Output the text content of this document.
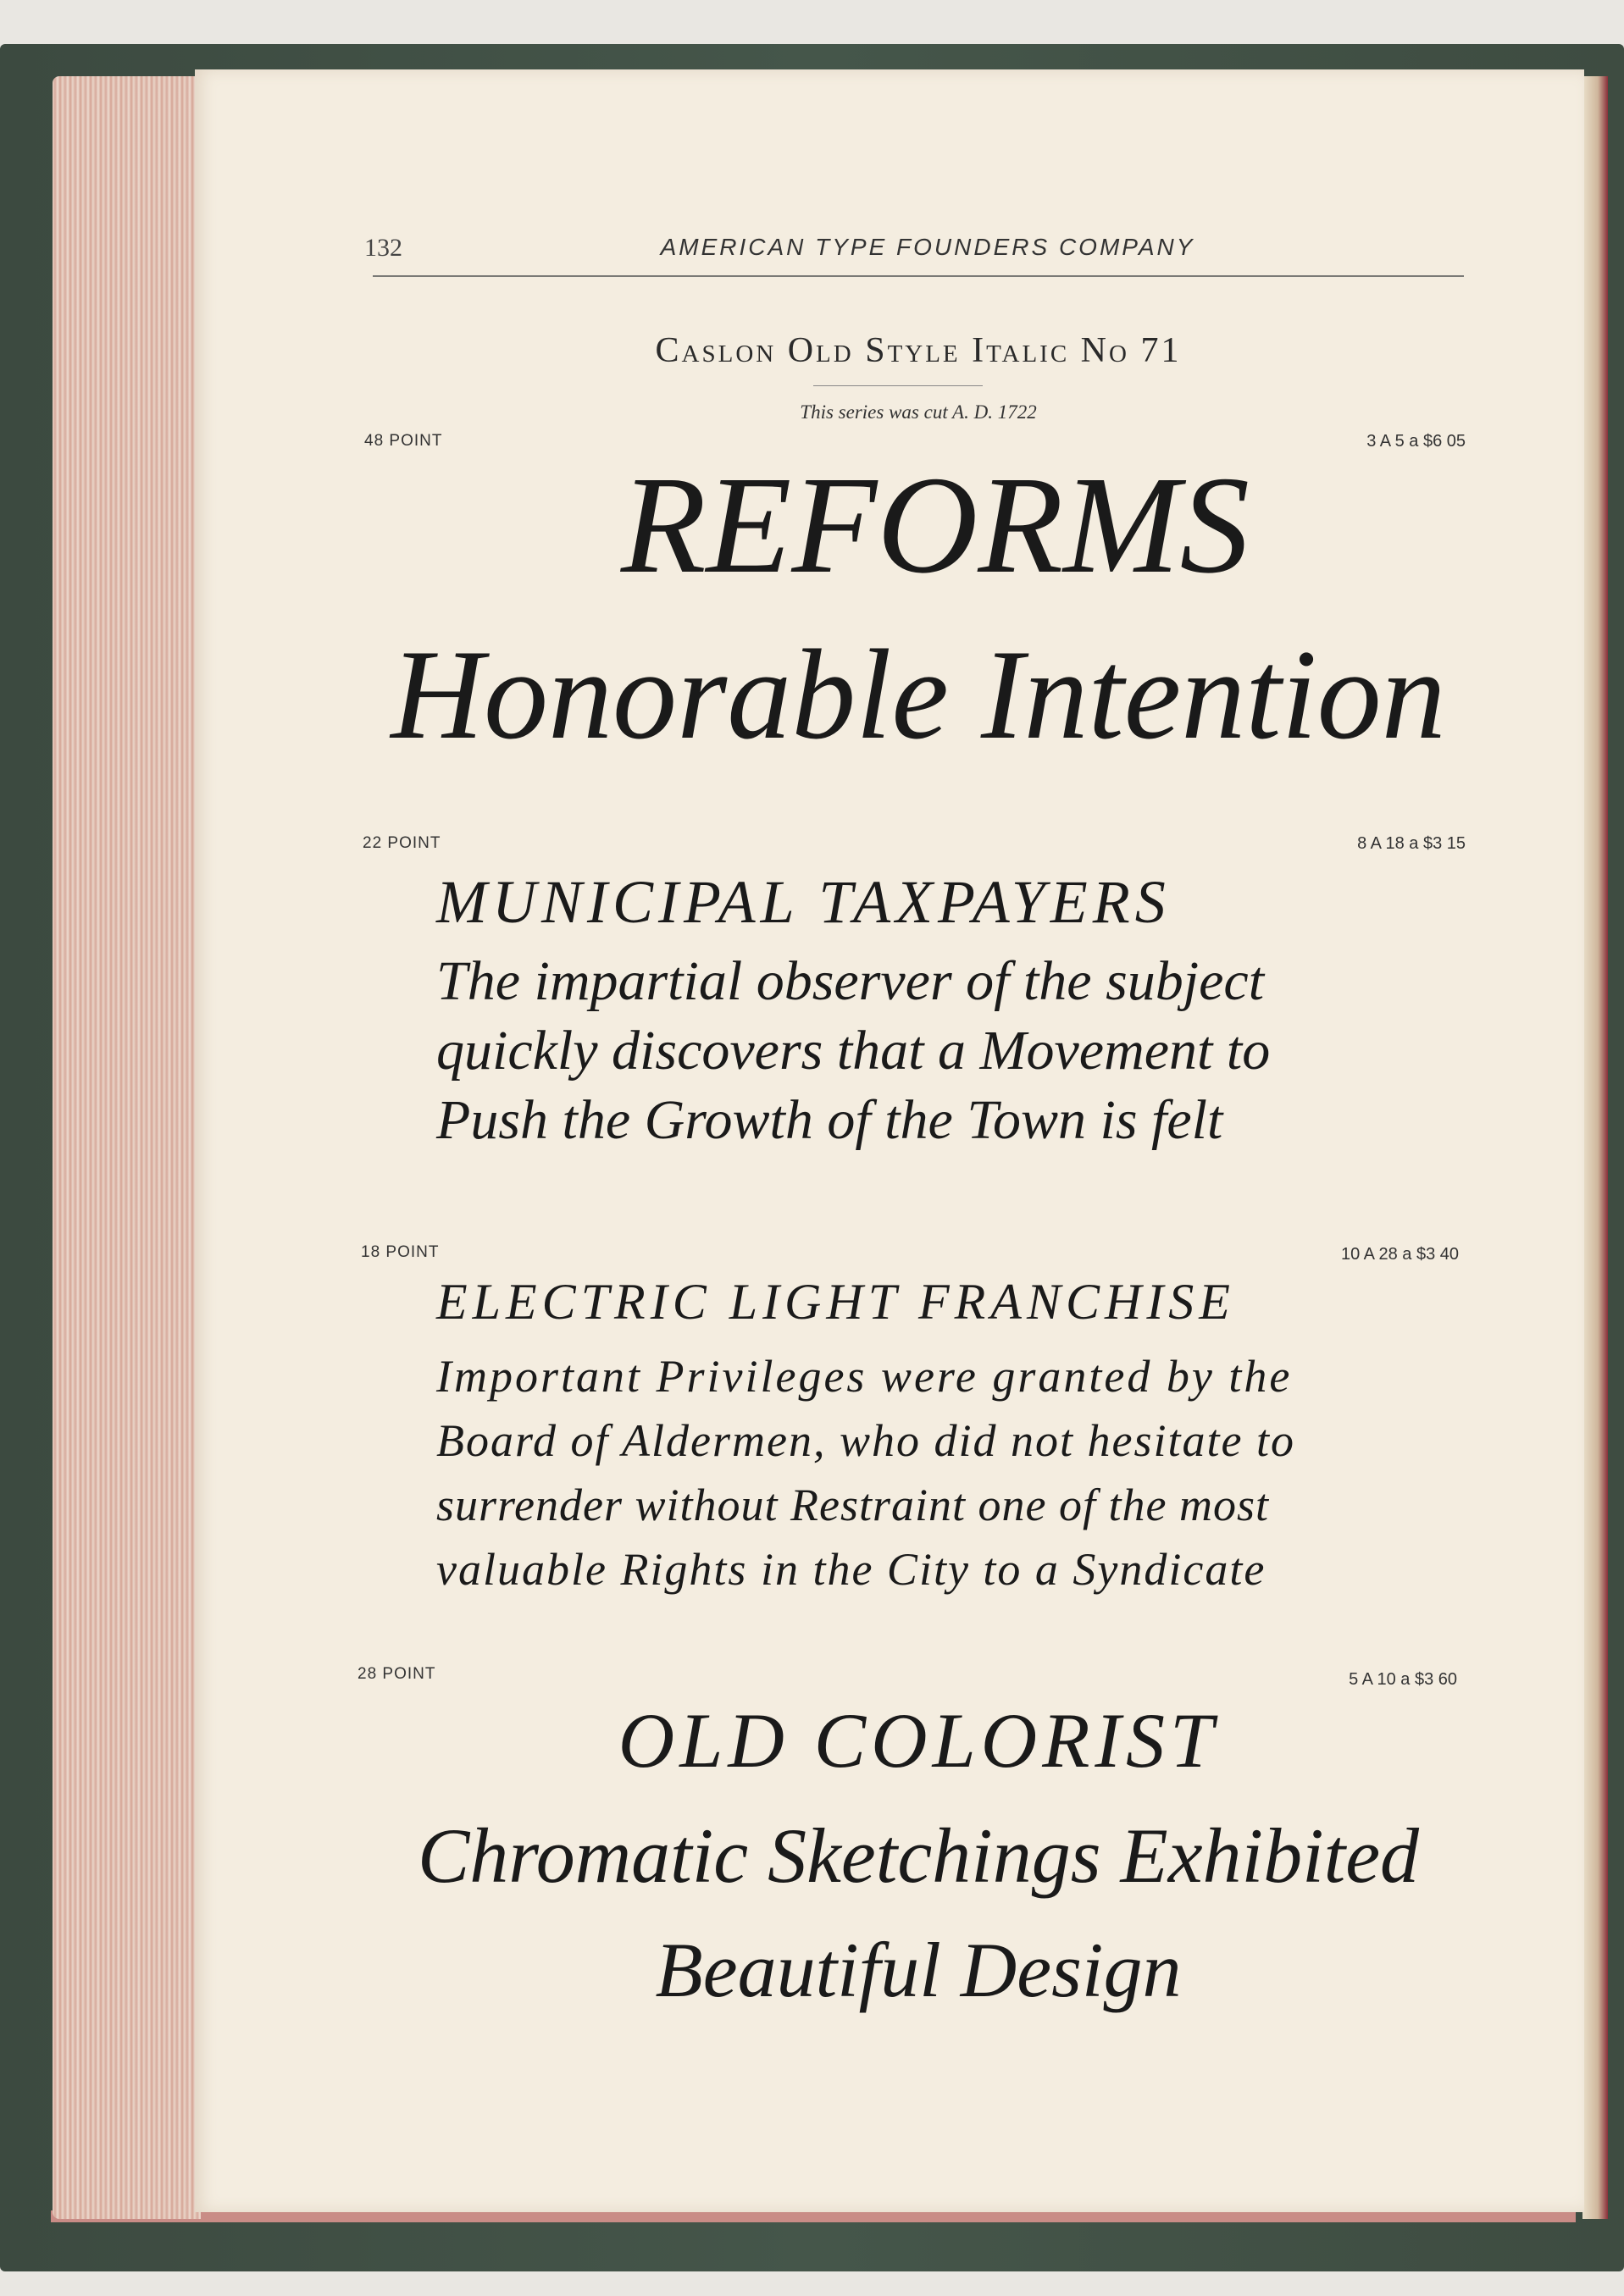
132	AMERICAN TYPE FOUNDERS COMPANY
Caslon Old Style Italic No 71
This series was cut A. D. 1722
48 POINT	3 A 5 a $6 05
REFORMS
Honorable Intention
22 POINT	8 A 18 a $3 15
MUNICIPAL TAXPAYERS
The impartial observer of the subject
quickly discovers that a Movement to
Push the Growth of the Town is felt
18 POINT	10 A 28 a $3 40
ELECTRIC LIGHT FRANCHISE
Important Privileges were granted by the
Board of Aldermen, who did not hesitate to
surrender without Restraint one of the most
valuable Rights in the City to a Syndicate
28 POINT	5 A 10 a $3 60
OLD COLORIST
Chromatic Sketchings Exhibited
Beautiful Design
